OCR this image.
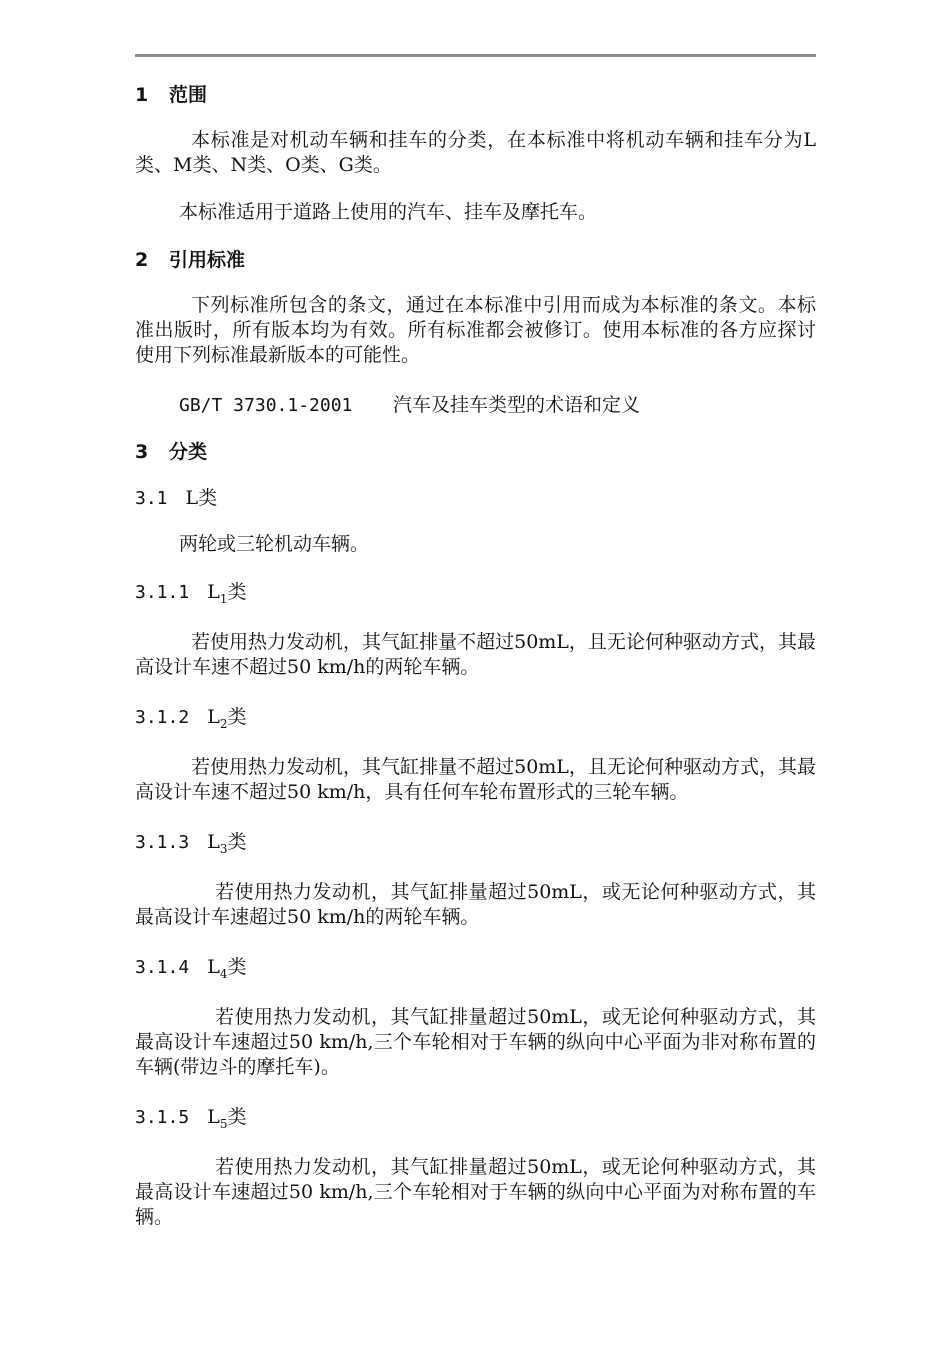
1 范围

本标准是对机动车辆和挂车的分类，在本标准中将机动车辆和挂车分为L类、M类、N类、O类、G类。

本标准适用于道路上使用的汽车、挂车及摩托车。

2 引用标准

下列标准所包含的条文，通过在本标准中引用而成为本标准的条文。本标准出版时，所有版本均为有效。所有标准都会被修订。使用本标准的各方应探讨使用下列标准最新版本的可能性。

GB/T 3730.1-2001 汽车及挂车类型的术语和定义
3 分类
3.1 L类

两轮或三轮机动车辆。

3.1.1 $L_1$类

若使用热力发动机，其气缸排量不超过50mL，且无论何种驱动方式，其最高设计车速不超过50 km/h的两轮车辆。

3.1.2 $L_2$类

若使用热力发动机，其气缸排量不超过50mL，且无论何种驱动方式，其最高设计车速不超过50 km/h，具有任何车轮布置形式的三轮车辆。

3.1.3 $L_3$类

若使用热力发动机，其气缸排量超过50mL，或无论何种驱动方式，其最高设计车速超过50 km/h的两轮车辆。

3.1.4 $L_4$类

若使用热力发动机，其气缸排量超过50mL，或无论何种驱动方式，其最高设计车速超过50 km/h,三个车轮相对于车辆的纵向中心平面为非对称布置的车辆(带边斗的摩托车)。

3.1.5 $L_5$类

若使用热力发动机，其气缸排量超过50mL，或无论何种驱动方式，其最高设计车速超过50 km/h,三个车轮相对于车辆的纵向中心平面为对称布置的车辆。
